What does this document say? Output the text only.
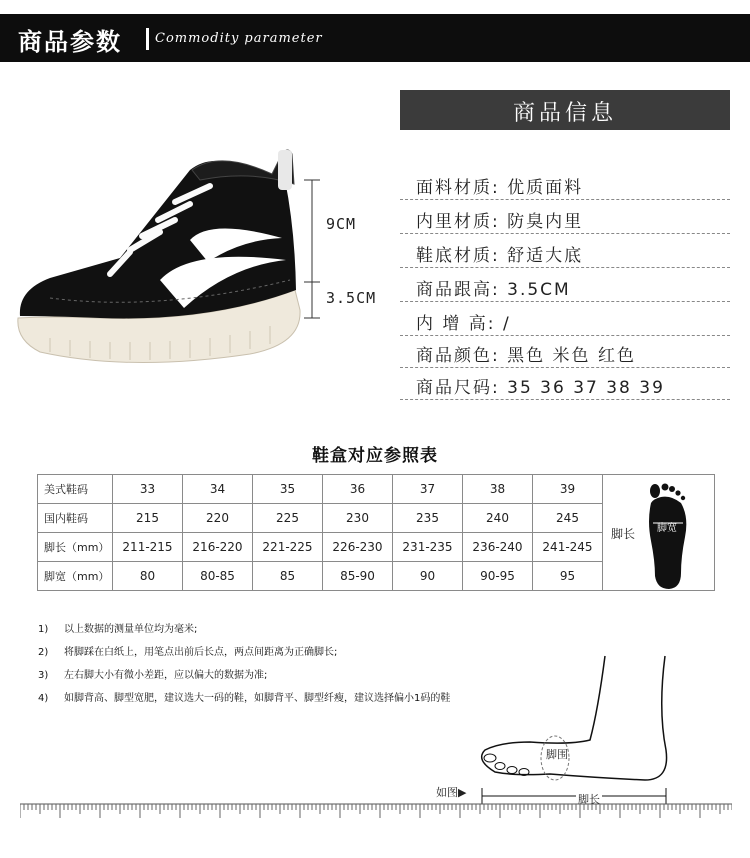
商品参数	Commodity parameter
9CM
3.5CM
商品信息
面料材质: 优质面料
内里材质: 防臭内里
鞋底材质: 舒适大底
商品跟高: 3.5CM
内 增 高: /
商品颜色: 黑色 米色 红色
商品尺码: 35 36 37 38 39
鞋盒对应参照表
美式鞋码	33	34	35	36	37	38	39	脚长 脚宽

国内鞋码	215	220	225	230	235	240	245	
脚长（mm）	211-215	216-220	221-225	226-230	231-235	236-240	241-245	
脚宽（mm）	80	80-85	85	85-90	90	90-95	95	
1) 以上数据的测量单位均为毫米;
2) 将脚踩在白纸上，用笔点出前后长点，两点间距离为正确脚长;
3) 左右脚大小有微小差距，应以偏大的数据为准;
4) 如脚背高、脚型宽肥，建议选大一码的鞋，如脚背平、脚型纤瘦，建议选择偏小1码的鞋
脚围
脚长
如图▶
